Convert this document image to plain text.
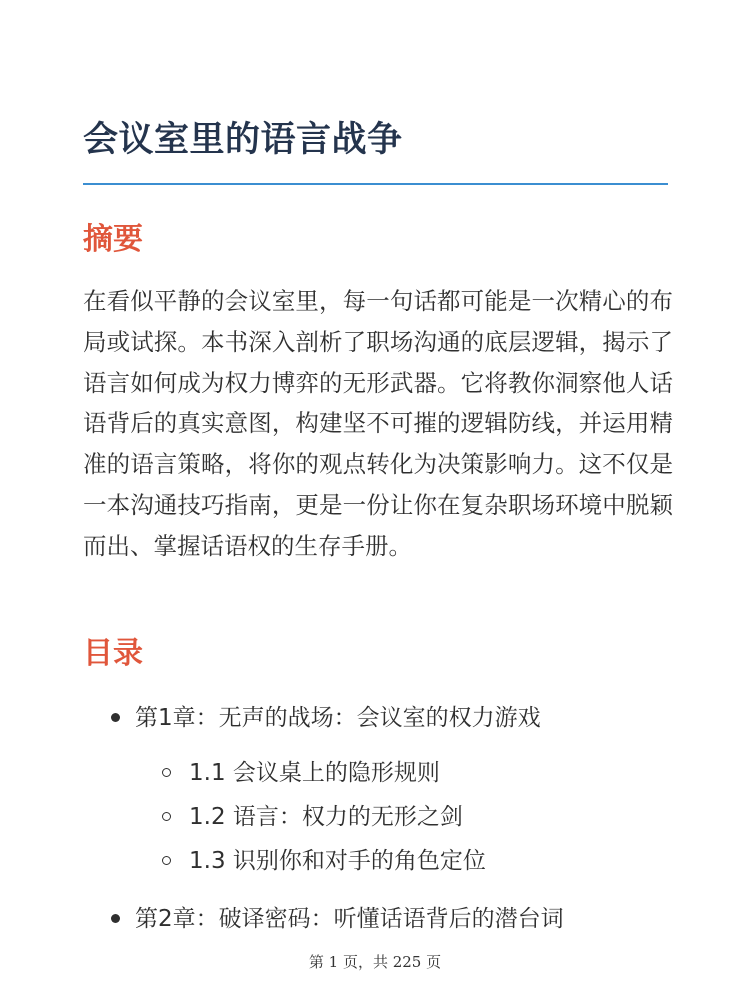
会议室里的语言战争
摘要

在看似平静的会议室里，每一句话都可能是一次精心的布局或试探。本书深入剖析了职场沟通的底层逻辑，揭示了语言如何成为权力博弈的无形武器。它将教你洞察他人话语背后的真实意图，构建坚不可摧的逻辑防线，并运用精准的语言策略，将你的观点转化为决策影响力。这不仅是一本沟通技巧指南，更是一份让你在复杂职场环境中脱颖而出、掌握话语权的生存手册。

目录
第1章：无声的战场：会议室的权力游戏
1.1 会议桌上的隐形规则
1.2 语言：权力的无形之剑
1.3 识别你和对手的角色定位
第2章：破译密码：听懂话语背后的潜台词
第 1 页，共 225 页
